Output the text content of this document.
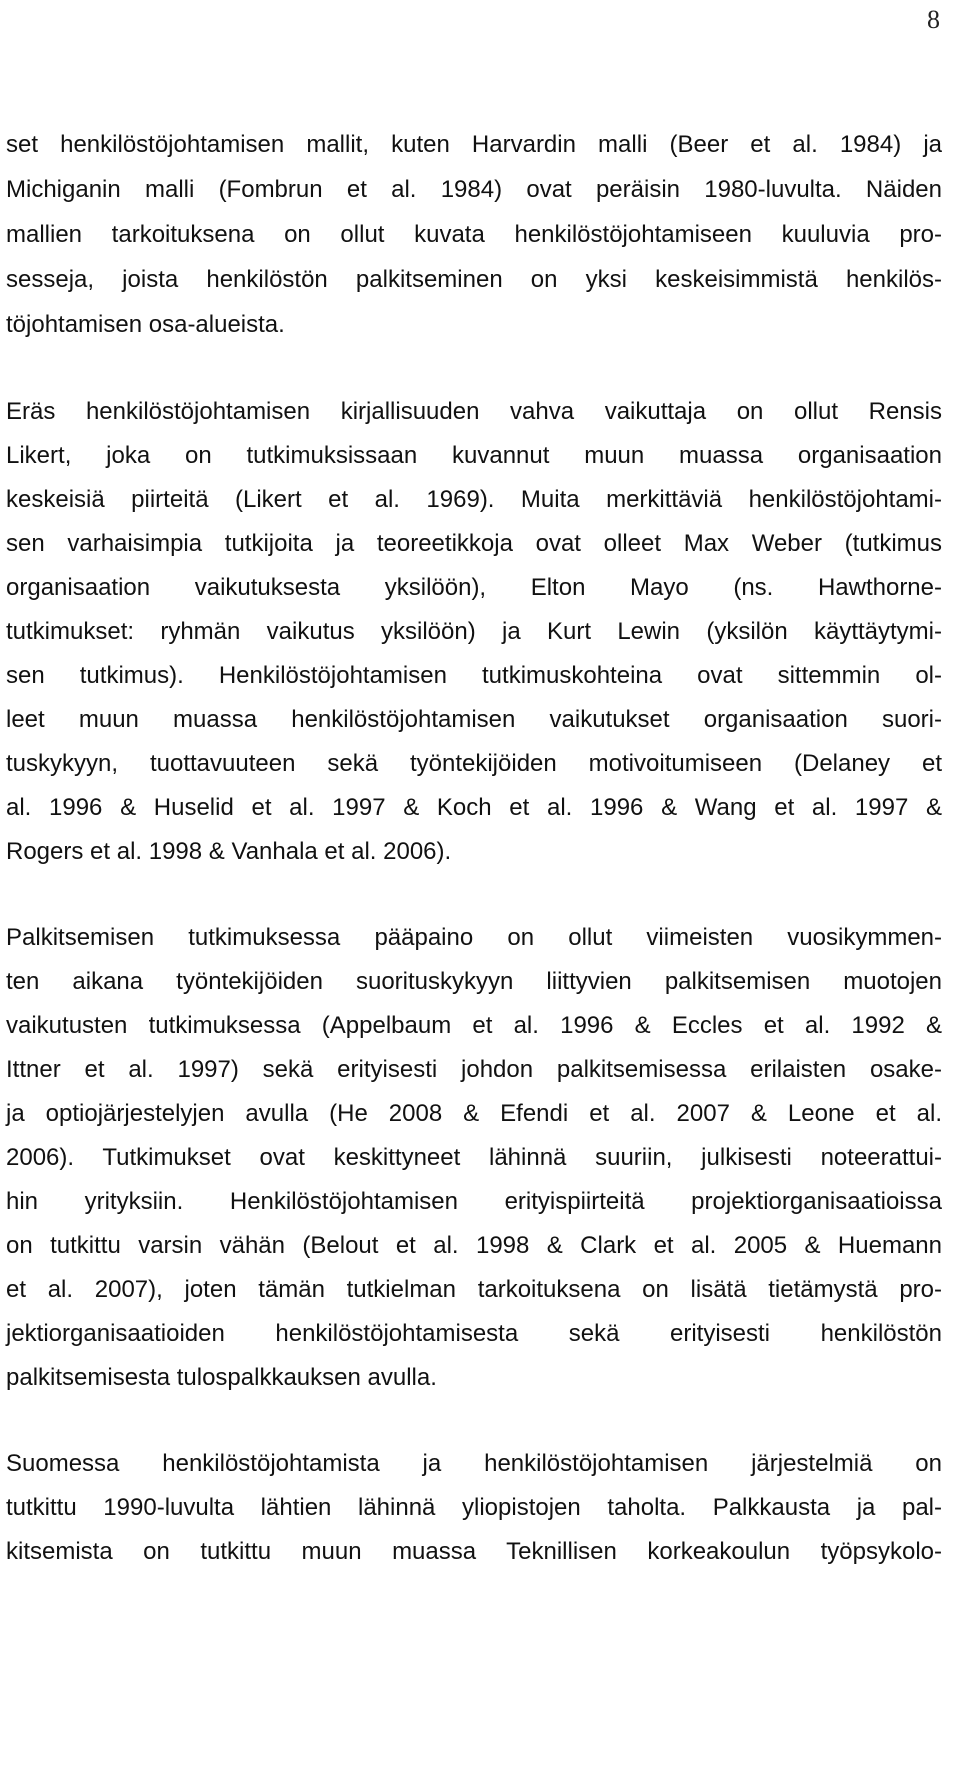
8
set henkilöstöjohtamisen mallit, kuten Harvardin malli (Beer et al. 1984) ja
Michiganin malli (Fombrun et al. 1984) ovat peräisin 1980-luvulta. Näiden
mallien tarkoituksena on ollut kuvata henkilöstöjohtamiseen kuuluvia pro-
sesseja, joista henkilöstön palkitseminen on yksi keskeisimmistä henkilös-
töjohtamisen osa-alueista.
Eräs henkilöstöjohtamisen kirjallisuuden vahva vaikuttaja on ollut Rensis
Likert, joka on tutkimuksissaan kuvannut muun muassa organisaation
keskeisiä piirteitä (Likert et al. 1969). Muita merkittäviä henkilöstöjohtami-
sen varhaisimpia tutkijoita ja teoreetikkoja ovat olleet Max Weber (tutkimus
organisaation vaikutuksesta yksilöön), Elton Mayo (ns. Hawthorne-
tutkimukset: ryhmän vaikutus yksilöön) ja Kurt Lewin (yksilön käyttäytymi-
sen tutkimus). Henkilöstöjohtamisen tutkimuskohteina ovat sittemmin ol-
leet muun muassa henkilöstöjohtamisen vaikutukset organisaation suori-
tuskykyyn, tuottavuuteen sekä työntekijöiden motivoitumiseen (Delaney et
al. 1996 & Huselid et al. 1997 & Koch et al. 1996 & Wang et al. 1997 &
Rogers et al. 1998 & Vanhala et al. 2006).
Palkitsemisen tutkimuksessa pääpaino on ollut viimeisten vuosikymmen-
ten aikana työntekijöiden suorituskykyyn liittyvien palkitsemisen muotojen
vaikutusten tutkimuksessa (Appelbaum et al. 1996 & Eccles et al. 1992 &
Ittner et al. 1997) sekä erityisesti johdon palkitsemisessa erilaisten osake-
ja optiojärjestelyjen avulla (He 2008 & Efendi et al. 2007 & Leone et al.
2006). Tutkimukset ovat keskittyneet lähinnä suuriin, julkisesti noteerattui-
hin yrityksiin. Henkilöstöjohtamisen erityispiirteitä projektiorganisaatioissa
on tutkittu varsin vähän (Belout et al. 1998 & Clark et al. 2005 & Huemann
et al. 2007), joten tämän tutkielman tarkoituksena on lisätä tietämystä pro-
jektiorganisaatioiden henkilöstöjohtamisesta sekä erityisesti henkilöstön
palkitsemisesta tulospalkkauksen avulla.
Suomessa henkilöstöjohtamista ja henkilöstöjohtamisen järjestelmiä on
tutkittu 1990-luvulta lähtien lähinnä yliopistojen taholta. Palkkausta ja pal-
kitsemista on tutkittu muun muassa Teknillisen korkeakoulun työpsykolo-
